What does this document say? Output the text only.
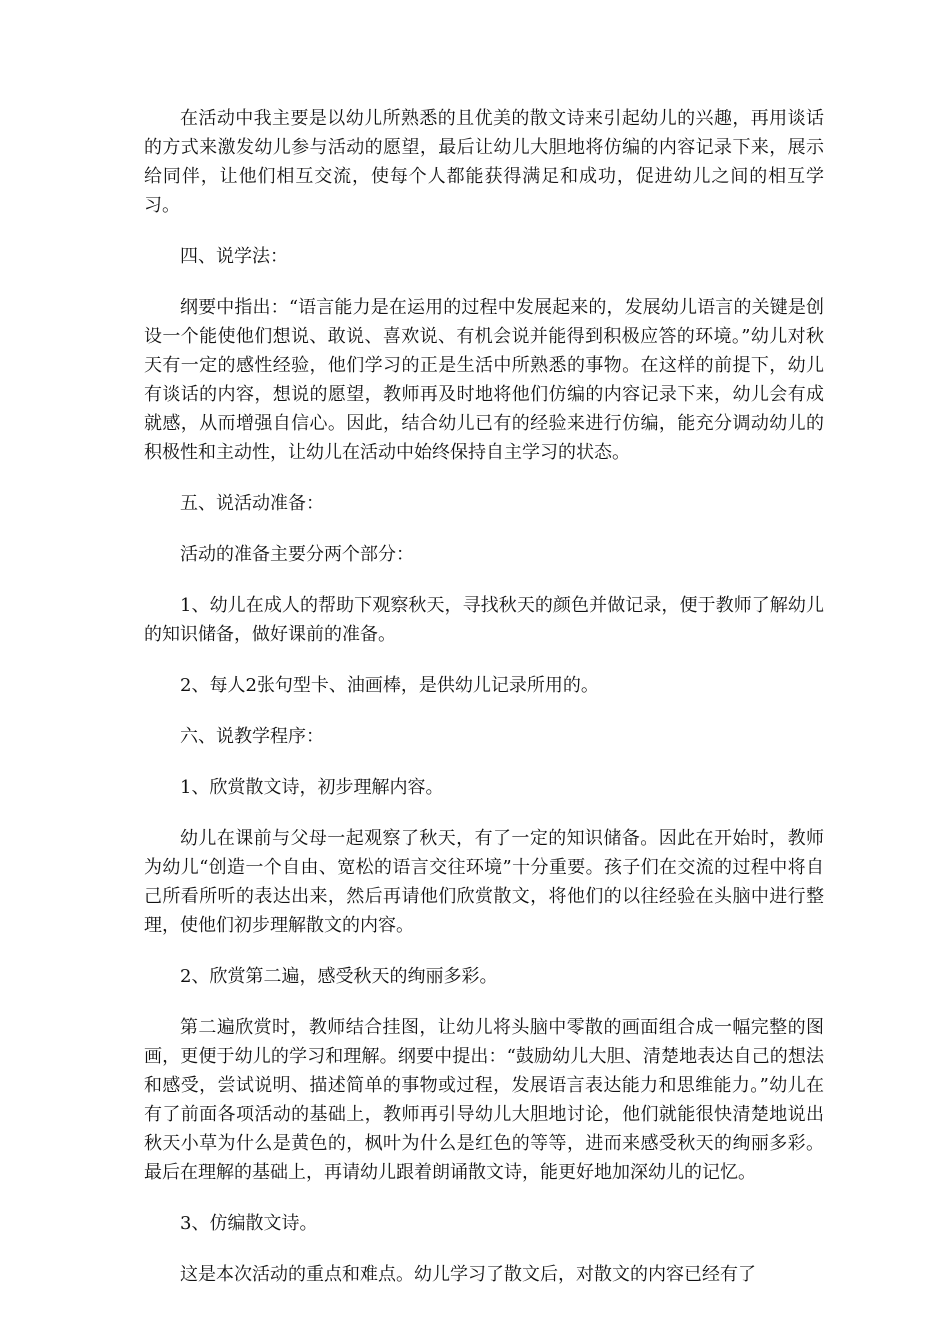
在活动中我主要是以幼儿所熟悉的且优美的散文诗来引起幼儿的兴趣，再用谈话的方式来激发幼儿参与活动的愿望，最后让幼儿大胆地将仿编的内容记录下来，展示给同伴，让他们相互交流，使每个人都能获得满足和成功，促进幼儿之间的相互学习。

四、说学法：

纲要中指出：“语言能力是在运用的过程中发展起来的，发展幼儿语言的关键是创设一个能使他们想说、敢说、喜欢说、有机会说并能得到积极应答的环境。”幼儿对秋天有一定的感性经验，他们学习的正是生活中所熟悉的事物。在这样的前提下，幼儿有谈话的内容，想说的愿望，教师再及时地将他们仿编的内容记录下来，幼儿会有成就感，从而增强自信心。因此，结合幼儿已有的经验来进行仿编，能充分调动幼儿的积极性和主动性，让幼儿在活动中始终保持自主学习的状态。

五、说活动准备：

活动的准备主要分两个部分：

1、幼儿在成人的帮助下观察秋天，寻找秋天的颜色并做记录，便于教师了解幼儿的知识储备，做好课前的准备。

2、每人2张句型卡、油画棒，是供幼儿记录所用的。

六、说教学程序：

1、欣赏散文诗，初步理解内容。

幼儿在课前与父母一起观察了秋天，有了一定的知识储备。因此在开始时，教师为幼儿“创造一个自由、宽松的语言交往环境”十分重要。孩子们在交流的过程中将自己所看所听的表达出来，然后再请他们欣赏散文，将他们的以往经验在头脑中进行整理，使他们初步理解散文的内容。

2、欣赏第二遍，感受秋天的绚丽多彩。

第二遍欣赏时，教师结合挂图，让幼儿将头脑中零散的画面组合成一幅完整的图画，更便于幼儿的学习和理解。纲要中提出：“鼓励幼儿大胆、清楚地表达自己的想法和感受，尝试说明、描述简单的事物或过程，发展语言表达能力和思维能力。”幼儿在有了前面各项活动的基础上，教师再引导幼儿大胆地讨论，他们就能很快清楚地说出秋天小草为什么是黄色的，枫叶为什么是红色的等等，进而来感受秋天的绚丽多彩。最后在理解的基础上，再请幼儿跟着朗诵散文诗，能更好地加深幼儿的记忆。

3、仿编散文诗。

这是本次活动的重点和难点。幼儿学习了散文后，对散文的内容已经有了
